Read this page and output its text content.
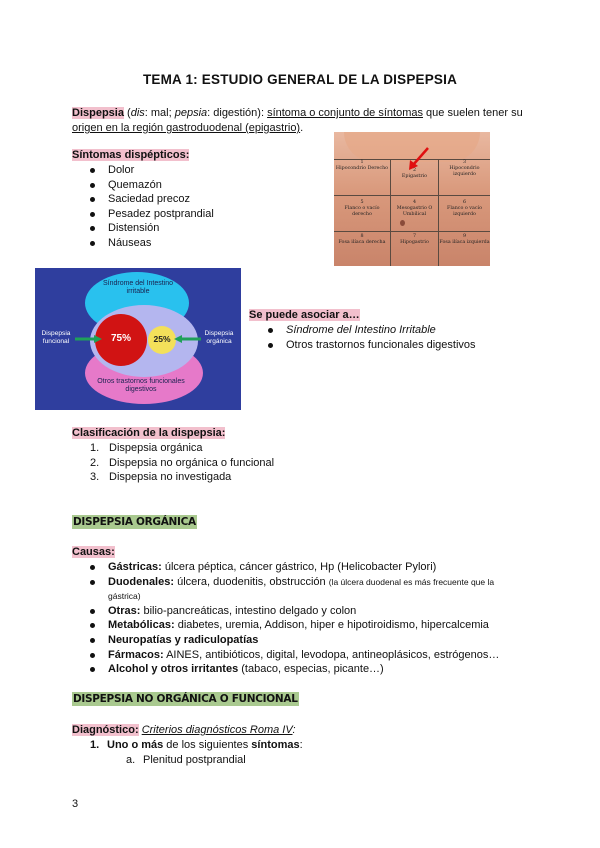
TEMA 1: ESTUDIO GENERAL DE LA DISPEPSIA
Dispepsia (dis: mal; pepsia: digestión): síntoma o conjunto de síntomas que suelen tener su
origen en la región gastroduodenal (epigastrio).
Síntomas dispépticos:
Dolor
Quemazón
Saciedad precoz
Pesadez postprandial
Distensión
Náuseas
1
Hipocondrio Derecho	2
Epigastrio
3
Hipocondrio izquierdo
5
Flanco o vacío derecho
4
Mesogastrio O Umbilical
6
Flanco o vacío izquierdo
8
Fosa ilíaca derecha
7
Hipogastrio
9
Fosa ilíaca izquierda
Síndrome del Intestino irritable
Otros trastornos funcionales digestivos
Dispepsia funcional
Dispepsia orgánica
75%	25%
Se puede asociar a…
Síndrome del Intestino Irritable
Otros trastornos funcionales digestivos
Clasificación de la dispepsia:
1. Dispepsia orgánica
2. Dispepsia no orgánica o funcional
3. Dispepsia no investigada
DISPEPSIA ORGÁNICA
Causas:
Gástricas: úlcera péptica, cáncer gástrico, Hp (Helicobacter Pylori)
Duodenales: úlcera, duodenitis, obstrucción (la úlcera duodenal es más frecuente que la
gástrica)
Otras: bilio-pancreáticas, intestino delgado y colon
Metabólicas: diabetes, uremia, Addison, hiper e hipotiroidismo, hipercalcemia
Neuropatías y radiculopatías
Fármacos: AINES, antibióticos, digital, levodopa, antineoplásicos, estrógenos…
Alcohol y otros irritantes (tabaco, especias, picante…)
DISPEPSIA NO ORGÁNICA O FUNCIONAL
Diagnóstico: Criterios diagnósticos Roma IV:
1. Uno o más de los siguientes síntomas:
a. Plenitud postprandial
3
